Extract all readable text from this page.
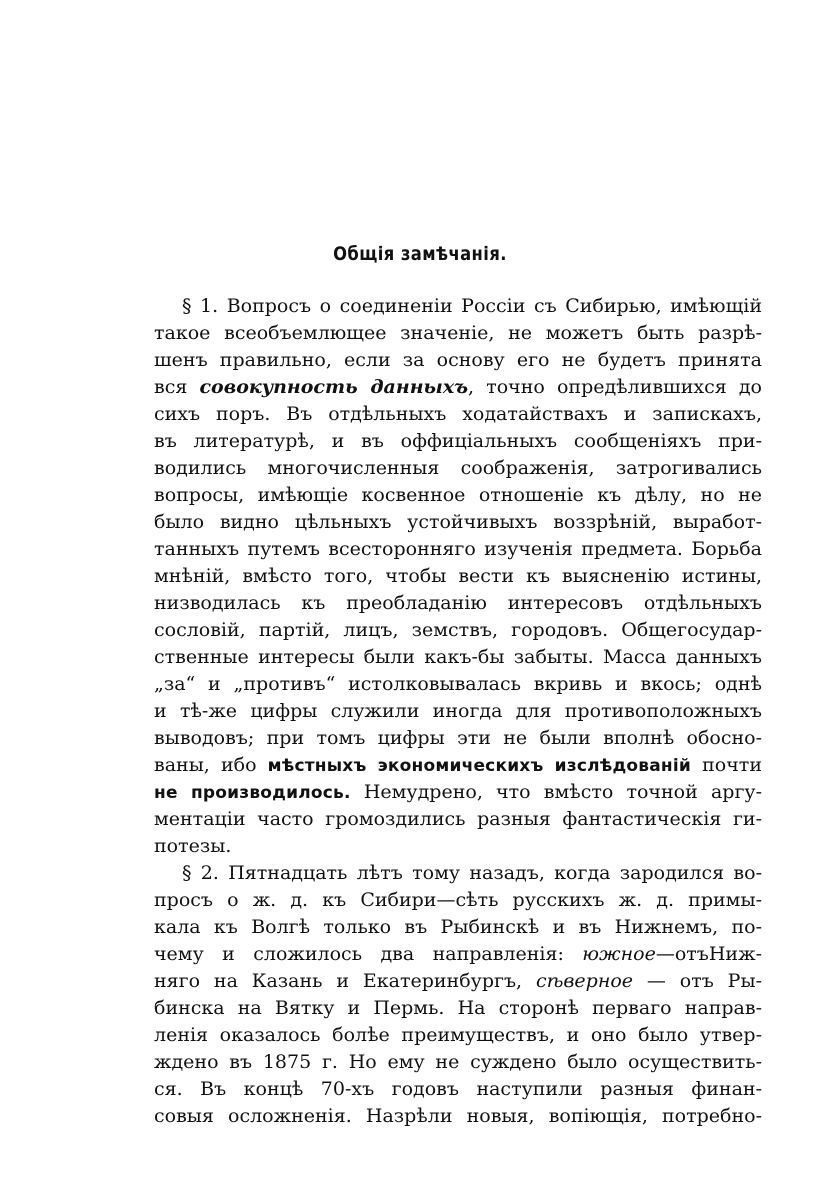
Общія замѣчанія.
§ 1. Вопросъ о соединеніи Россіи съ Сибирью, имѣющій
такое всеобъемлющее значеніе, не можетъ быть разрѣ-
шенъ правильно, если за основу его не будетъ принята
вся совокупность данныхъ, точно опредѣлившихся до
сихъ поръ. Въ отдѣльныхъ ходатайствахъ и запискахъ,
въ литературѣ, и въ оффиціальныхъ сообщеніяхъ при-
водились многочисленныя соображенія, затрогивались
вопросы, имѣющіе косвенное отношеніе къ дѣлу, но не
было видно цѣльныхъ устойчивыхъ воззрѣній, выработ-
танныхъ путемъ всесторонняго изученія предмета. Борьба
мнѣній, вмѣсто того, чтобы вести къ выясненію истины,
низводилась къ преобладанію интересовъ отдѣльныхъ
сословій, партій, лицъ, земствъ, городовъ. Общегосудар-
ственные интересы были какъ-бы забыты. Масса данныхъ
„за“ и „противъ“ истолковывалась вкривь и вкось; однѣ
и тѣ-же цифры служили иногда для противоположныхъ
выводовъ; при томъ цифры эти не были вполнѣ обоснo-
ваны, ибо мѣстныхъ экономическихъ изслѣдованій почти
не производилось. Немудрено, что вмѣсто точной аргу-
ментаціи часто громоздились разныя фантастическія ги-
потезы.
§ 2. Пятнадцать лѣтъ тому назадъ, когда зародился во-
просъ о ж. д. къ Сибири—сѣть русскихъ ж. д. примы-
кала къ Волгѣ только въ Рыбинскѣ и въ Нижнемъ, по-
чему и сложилось два направленія: южное—отъНиж-
няго на Казань и Екатеринбургъ, сѣверное — отъ Ры-
бинска на Вятку и Пермь. На сторонѣ перваго направ-
ленія оказалось болѣе преимуществъ, и оно было утвер-
ждено въ 1875 г. Но ему не суждено было осуществить-
ся. Въ концѣ 70-хъ годовъ наступили разныя финан-
совыя осложненія. Назрѣли новыя, вопіющія, потребно-
